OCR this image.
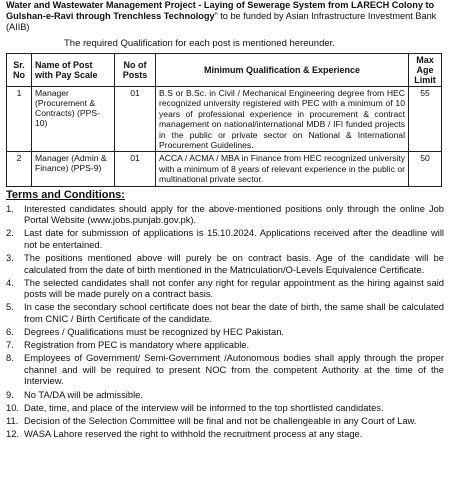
Water and Wastewater Management Project - Laying of Sewerage System from LARECH Colony to Gulshan-e-Ravi through Trenchless Technology” to be funded by Asian Infrastructure Investment Bank (AIIB)

The required Qualification for each post is mentioned hereunder.
Sr. No	Name of Post with Pay Scale	No of Posts	Minimum Qualification & Experience	Max Age Limit
1	Manager (Procurement & Contracts) (PPS-10)	01	B.S or B.Sc. in Civil / Mechanical Engineering degree from HEC recognized university registered with PEC with a minimum of 10 years of professional experience in procurement & contract management on national/international MDB / IFI funded projects in the public or private sector on National & International Procurement Guidelines.	55
2	Manager (Admin & Finance) (PPS-9)	01	ACCA / ACMA / MBA in Finance from HEC recognized university with a minimum of 8 years of relevant experience in the public or multinational private sector.	50
Terms and Conditions:
1.	Interested candidates should apply for the above-mentioned positions only through the online Job Portal Website (www.jobs.punjab.gov.pk).
2.	Last date for submission of applications is 15.10.2024. Applications received after the deadline will not be entertained.
3.	The positions mentioned above will purely be on contract basis. Age of the candidate will be calculated from the date of birth mentioned in the Matriculation/O-Levels Equivalence Certificate.
4.	The selected candidates shall not confer any right for regular appointment as the hiring against said posts will be made purely on a contract basis.
5.	In case the secondary school certificate does not bear the date of birth, the same shall be calculated from CNIC / Birth Certificate of the candidate.
6.	Degrees / Qualifications must be recognized by HEC Pakistan.
7.	Registration from PEC is mandatory where applicable.
8.	Employees of Government/ Semi-Government /Autonomous bodies shall apply through the proper channel and will be required to present NOC from the competent Authority at the time of the Interview.
9.	No TA/DA will be admissible.
10. Date, time, and place of the interview will be informed to the top shortlisted candidates.
11. Decision of the Selection Committee will be final and not be challengeable in any Court of Law.
12. WASA Lahore reserved the right to withhold the recruitment process at any stage.
